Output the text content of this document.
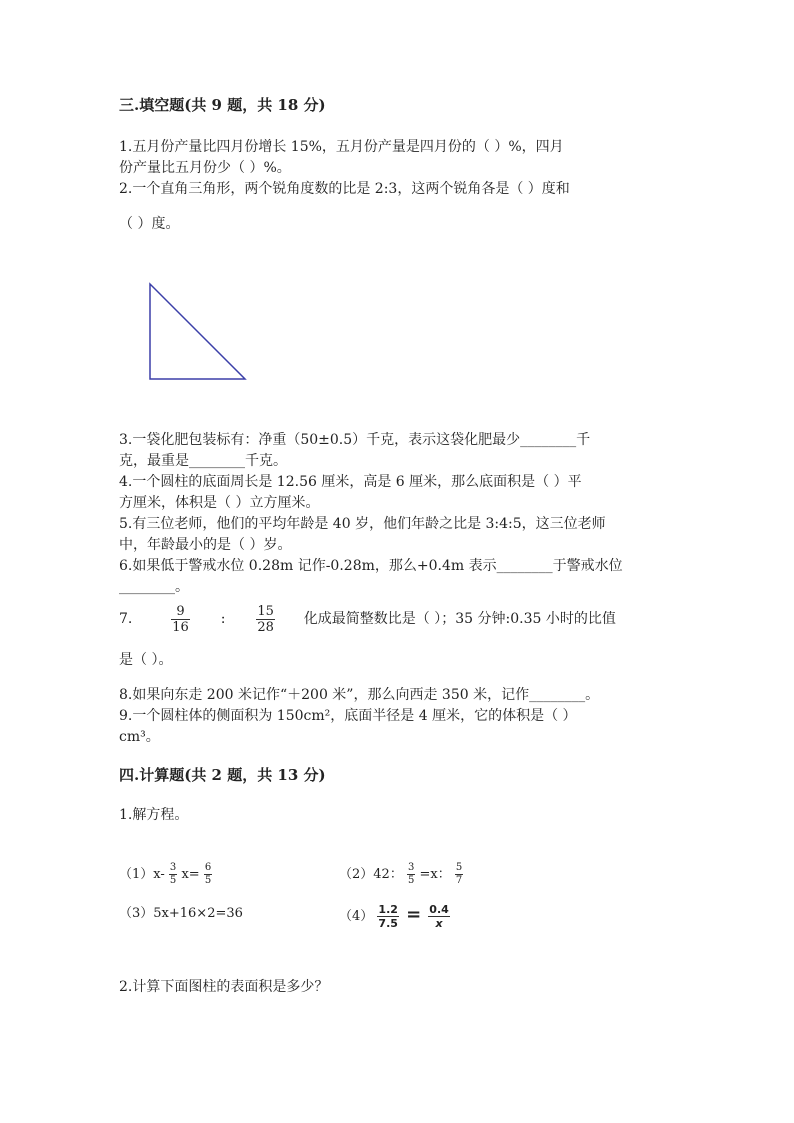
三.填空题(共 9 题，共 18 分)
1.五月份产量比四月份增长 15%，五月份产量是四月份的（ ）%，四月
份产量比五月份少（ ）%。
2.一个直角三角形，两个锐角度数的比是 2:3，这两个锐角各是（ ）度和
（ ）度。
3.一袋化肥包装标有：净重（50±0.5）千克，表示这袋化肥最少________千
克，最重是________千克。
4.一个圆柱的底面周长是 12.56 厘米，高是 6 厘米，那么底面积是（ ）平
方厘米，体积是（ ）立方厘米。
5.有三位老师，他们的平均年龄是 40 岁，他们年龄之比是 3:4:5，这三位老师
中，年龄最小的是（ ）岁。
6.如果低于警戒水位 0.28m 记作-0.28m，那么+0.4m 表示________于警戒水位
________。
7.	$\frac{9}{16}$ : $\frac{15}{28}$ 化成最简整数比是（ ）；35 分钟:0.35 小时的比值
是（ ）。
8.如果向东走 200 米记作“＋200 米”，那么向西走 350 米，记作________。
9.一个圆柱体的侧面积为 150cm²，底面半径是 4 厘米，它的体积是（ ）
cm³。
四.计算题(共 2 题，共 13 分)
1.解方程。
$(1)x- \frac{3}{5} x= \frac{6}{5}$	（2）42： $\frac{3}{5} =x$： $\frac{5}{7}$
（3）5x+16×2=36	$(4) \frac{1.2}{7.5} = \frac{0.4}{x}$
2.计算下面图柱的表面积是多少？
